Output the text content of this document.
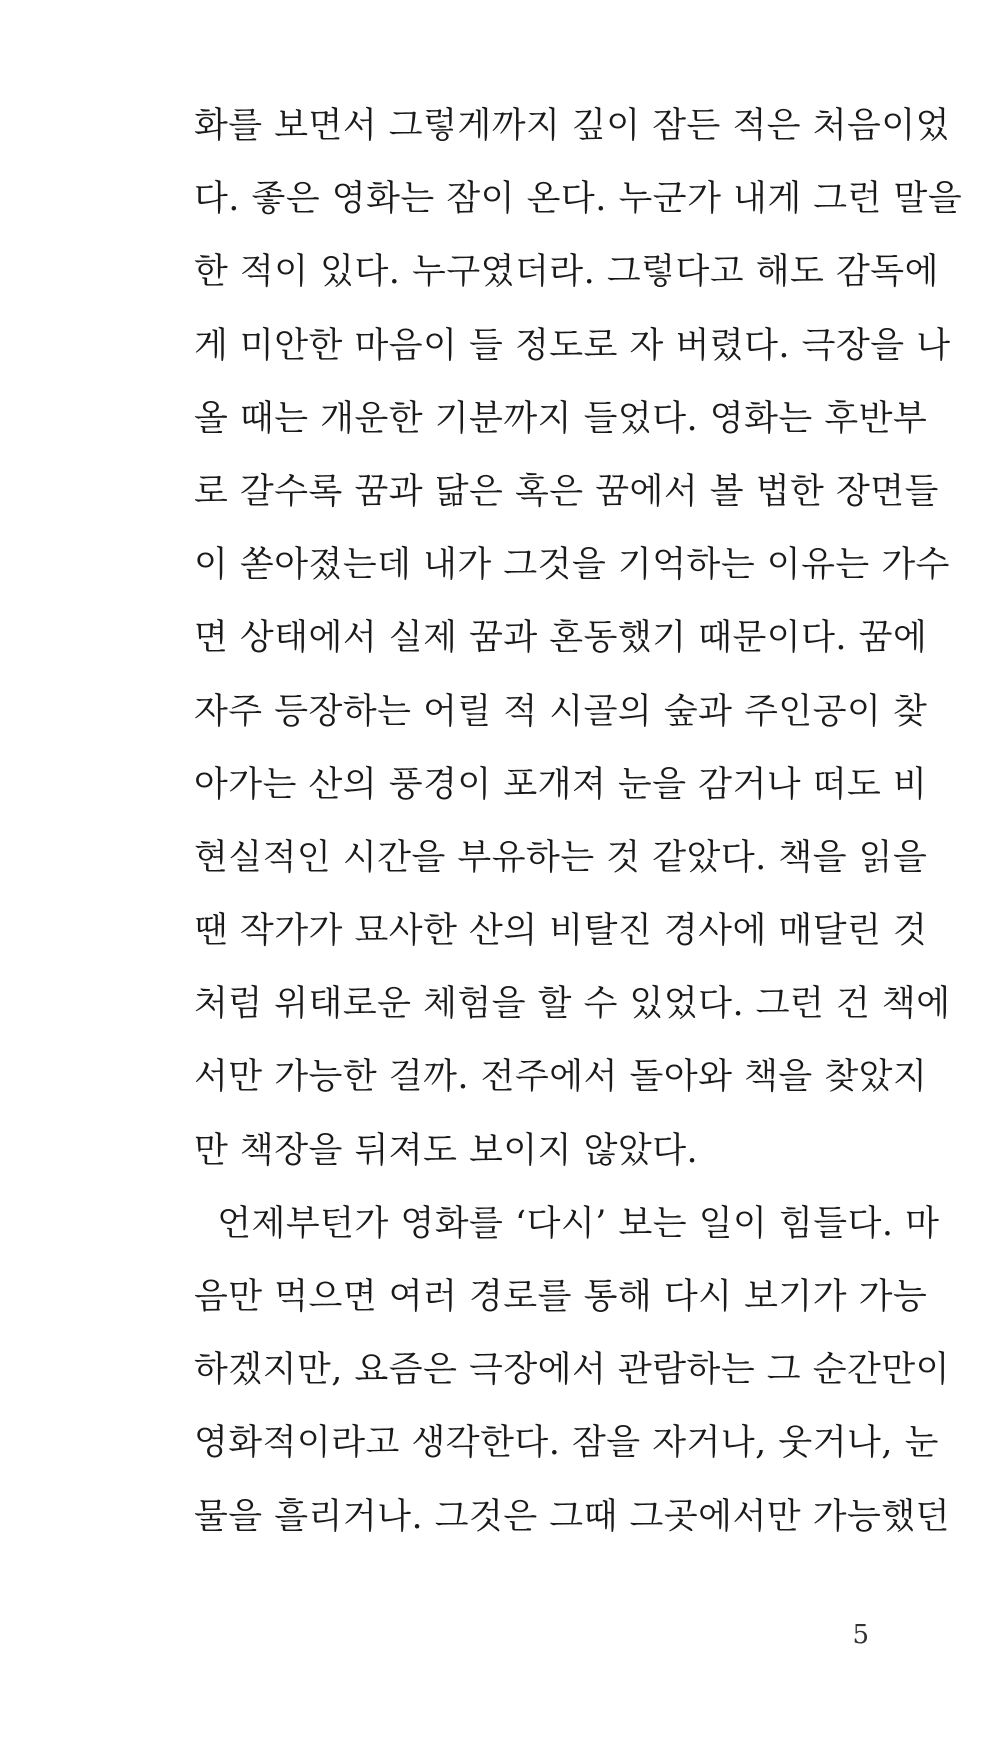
화를 보면서 그렇게까지 깊이 잠든 적은 처음이었
다. 좋은 영화는 잠이 온다. 누군가 내게 그런 말을
한 적이 있다. 누구였더라. 그렇다고 해도 감독에
게 미안한 마음이 들 정도로 자 버렸다. 극장을 나
올 때는 개운한 기분까지 들었다. 영화는 후반부
로 갈수록 꿈과 닮은 혹은 꿈에서 볼 법한 장면들
이 쏟아졌는데 내가 그것을 기억하는 이유는 가수
면 상태에서 실제 꿈과 혼동했기 때문이다. 꿈에
자주 등장하는 어릴 적 시골의 숲과 주인공이 찾
아가는 산의 풍경이 포개져 눈을 감거나 떠도 비
현실적인 시간을 부유하는 것 같았다. 책을 읽을
땐 작가가 묘사한 산의 비탈진 경사에 매달린 것
처럼 위태로운 체험을 할 수 있었다. 그런 건 책에
서만 가능한 걸까. 전주에서 돌아와 책을 찾았지
만 책장을 뒤져도 보이지 않았다.
언제부턴가 영화를 ‘다시’ 보는 일이 힘들다. 마
음만 먹으면 여러 경로를 통해 다시 보기가 가능
하겠지만, 요즘은 극장에서 관람하는 그 순간만이
영화적이라고 생각한다. 잠을 자거나, 웃거나, 눈
물을 흘리거나. 그것은 그때 그곳에서만 가능했던
5
